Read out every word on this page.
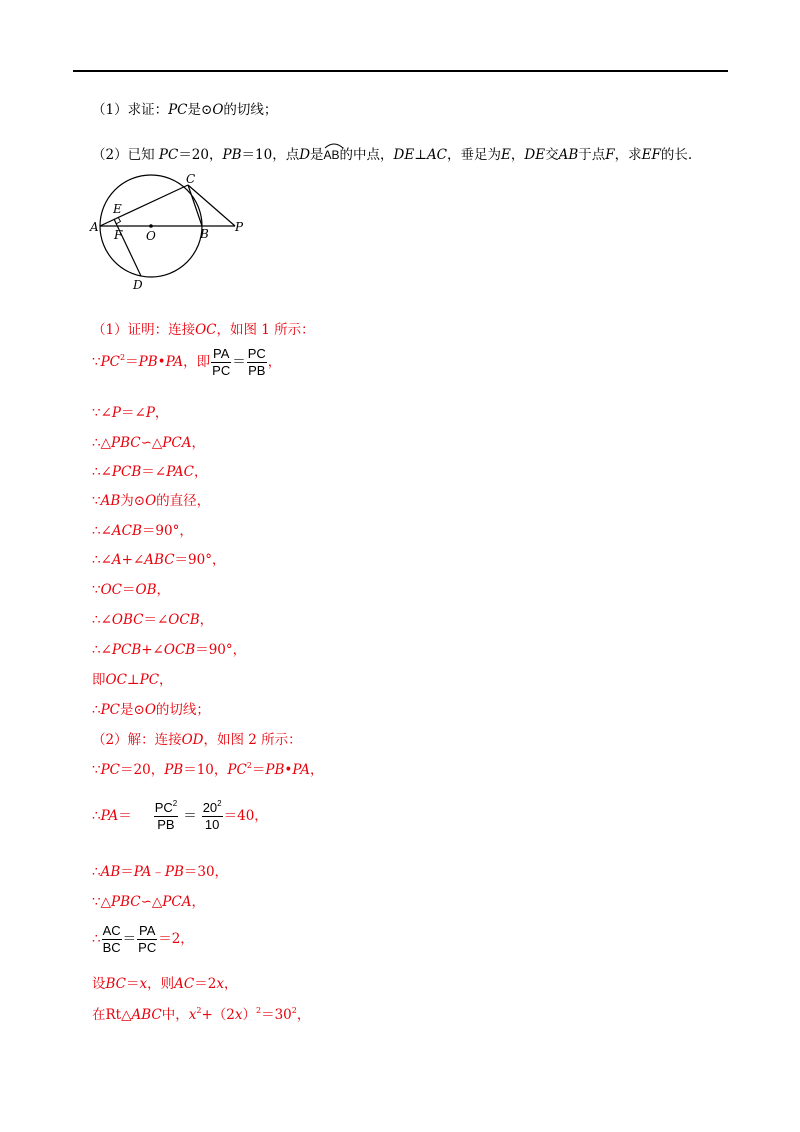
（1）求证：PC是⊙O的切线；
（2）已知 PC＝20，PB＝10，点D是
AB的中点，DE⊥AC，垂足为E，DE交AB于点F，求EF的长.
A
E
F O
C
B P
D
（1）证明：连接OC，如图 1 所示：
$\because PC^2=PB•PA$，即 $\frac{PA}{PC} = \frac{PC}{PB}$ ，
∵∠P＝∠P，
∴△PBC∽△PCA，
∴∠PCB＝∠PAC，
∵AB为⊙O的直径，
∴∠ACB＝90°，
∴∠A+∠ABC＝90°，
∵OC＝OB，
∴∠OBC＝∠OCB，
∴∠PCB+∠OCB＝90°，
即OC⊥PC，
∴PC是⊙O的切线；
（2）解：连接OD，如图 2 所示：
∵PC＝20，PB＝10，$PC^2=PB•PA$，
∴PA＝ $\frac{PC^2}{PB} = \frac{20^2}{10} =40$，
∴AB＝PA﹣PB＝30，
∵△PBC∽△PCA，
∴ $\frac{AC}{BC} = \frac{PA}{PC} =2$，
设BC＝x，则AC＝2x，
在Rt△ABC中，$x^2+(2x)^2=30^2$，
